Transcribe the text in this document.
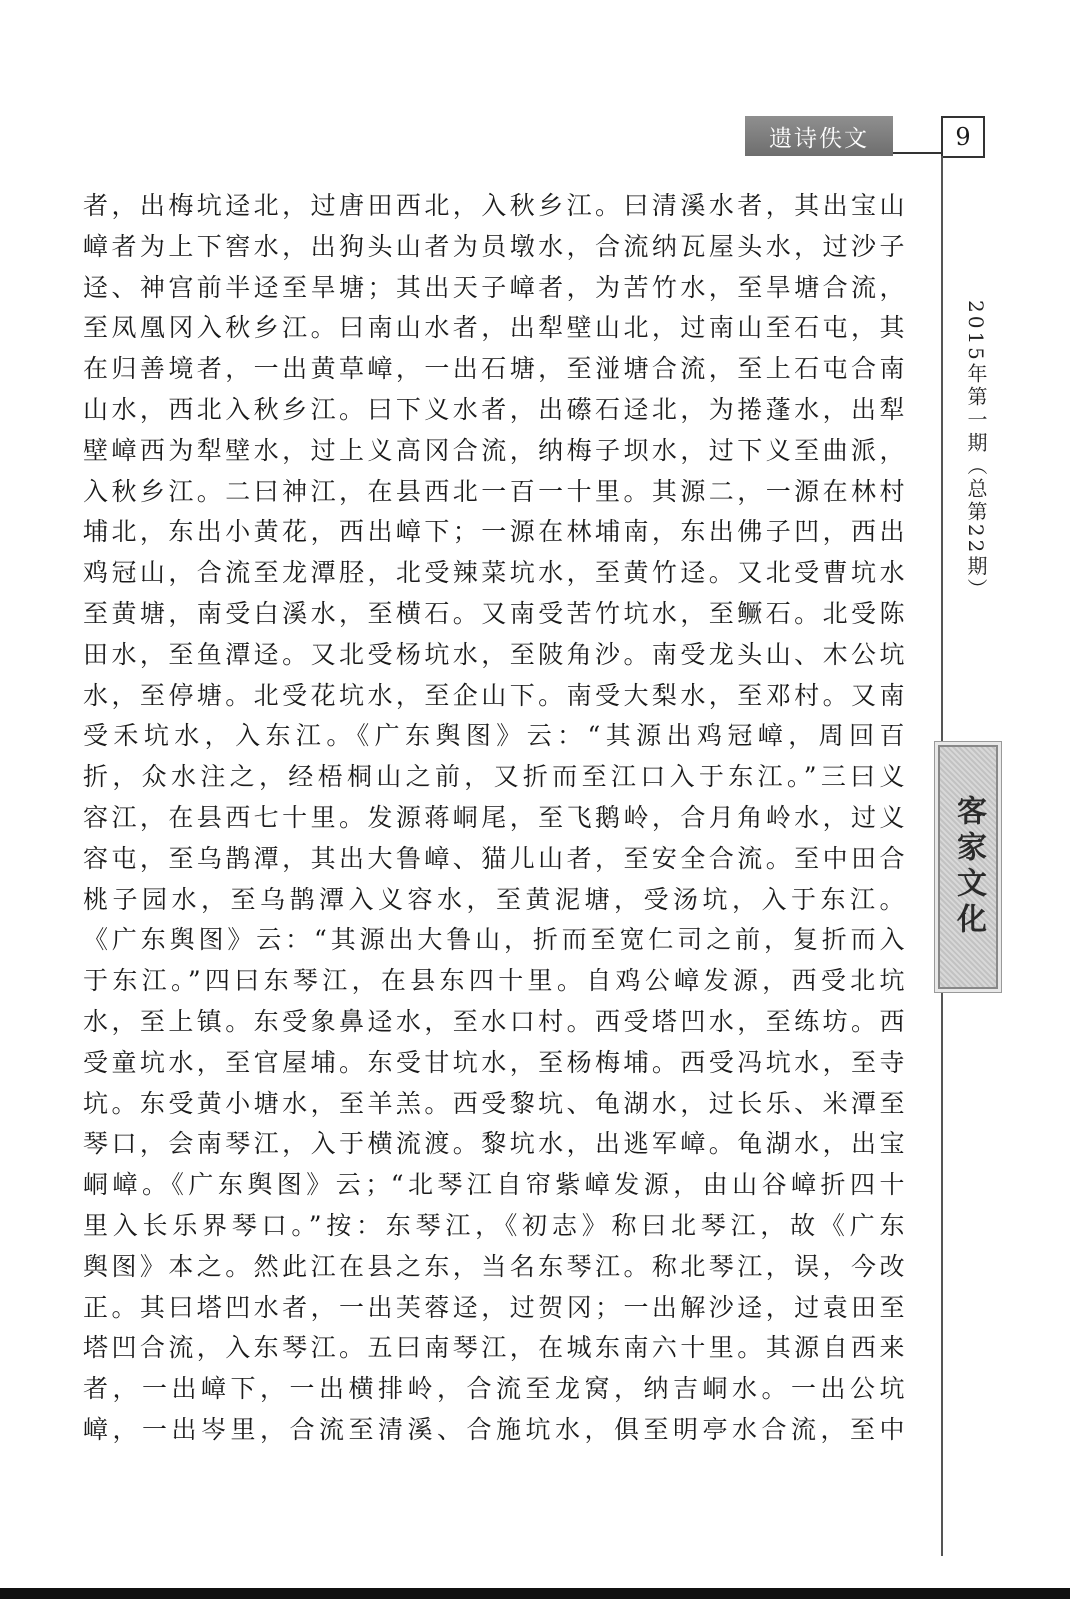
遗诗佚文	9
2015年第一期（总第22期）
客家文化
者，出梅坑迳北，过唐田西北，入秋乡江。曰清溪水者，其出宝山
嶂者为上下窖水，出狗头山者为员墩水，合流纳瓦屋头水，过沙子
迳、神宫前半迳至旱塘；其出天子嶂者，为苦竹水，至旱塘合流，
至凤凰冈入秋乡江。曰南山水者，出犁壁山北，过南山至石屯，其
在归善境者，一出黄草嶂，一出石塘，至湴塘合流，至上石屯合南
山水，西北入秋乡江。曰下义水者，出礤石迳北，为捲蓬水，出犁
壁嶂西为犁壁水，过上义高冈合流，纳梅子坝水，过下义至曲派，
入秋乡江。二曰神江，在县西北一百一十里。其源二，一源在林村
埔北，东出小黄花，西出嶂下；一源在林埔南，东出佛子凹，西出
鸡冠山，合流至龙潭胫，北受辣菜坑水，至黄竹迳。又北受曹坑水
至黄塘，南受白溪水，至横石。又南受苦竹坑水，至鳜石。北受陈
田水，至鱼潭迳。又北受杨坑水，至陂角沙。南受龙头山、木公坑
水，至停塘。北受花坑水，至企山下。南受大梨水，至邓村。又南
受禾坑水，入东江。《广东舆图》云：“其源出鸡冠嶂，周回百
折，众水注之，经梧桐山之前，又折而至江口入于东江。”三曰义
容江，在县西七十里。发源蒋峒尾，至飞鹅岭，合月角岭水，过义
容屯，至乌鹊潭，其出大鲁嶂、猫儿山者，至安全合流。至中田合
桃子园水，至乌鹊潭入义容水，至黄泥塘，受汤坑，入于东江。
《广东舆图》云：“其源出大鲁山，折而至宽仁司之前，复折而入
于东江。”四曰东琴江，在县东四十里。自鸡公嶂发源，西受北坑
水，至上镇。东受象鼻迳水，至水口村。西受塔凹水，至练坊。西
受童坑水，至官屋埔。东受甘坑水，至杨梅埔。西受冯坑水，至寺
坑。东受黄小塘水，至羊羔。西受黎坑、龟湖水，过长乐、米潭至
琴口，会南琴江，入于横流渡。黎坑水，出逃军嶂。龟湖水，出宝
峒嶂。《广东舆图》云；“北琴江自帘紫嶂发源，由山谷嶂折四十
里入长乐界琴口。”按：东琴江，《初志》称曰北琴江，故《广东
舆图》本之。然此江在县之东，当名东琴江。称北琴江，误，今改
正。其曰塔凹水者，一出芙蓉迳，过贺冈；一出解沙迳，过袁田至
塔凹合流，入东琴江。五曰南琴江，在城东南六十里。其源自西来
者，一出嶂下，一出横排岭，合流至龙窝，纳吉峒水。一出公坑
嶂，一出岑里，合流至清溪、合施坑水，俱至明亭水合流，至中
